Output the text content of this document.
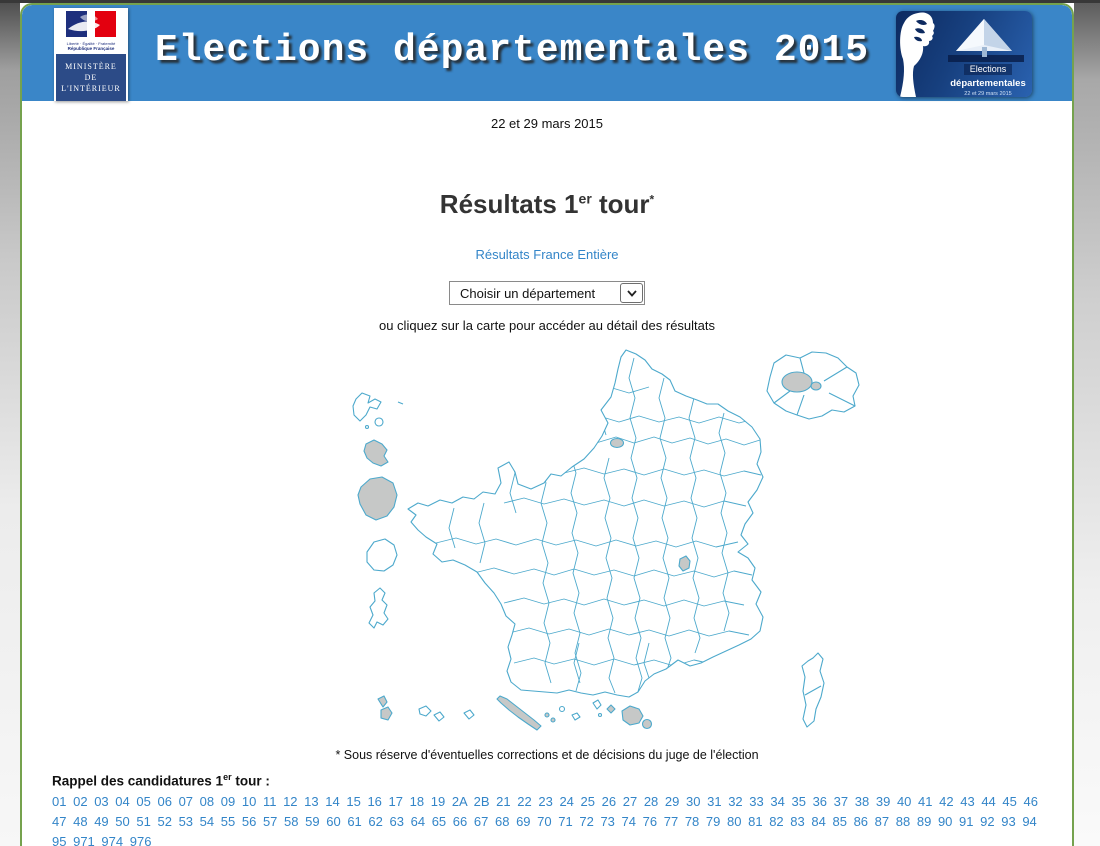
Liberté · Égalité · Fraternité
République Française
MINISTÈRE
DE
L'INTÉRIEUR
Elections départementales 2015	Elections
départementales
22 et 29 mars 2015
22 et 29 mars 2015
Résultats 1er tour*
Résultats France Entière
Choisir un département
ou cliquez sur la carte pour accéder au détail des résultats
* Sous réserve d'éventuelles corrections et de décisions du juge de l'élection
Rappel des candidatures 1er tour :
01 02 03 04 05 06 07 08 09 10 11 12 13 14 15 16 17 18 19 2A 2B 21 22 23 24 25 26 27 28 29 30 31 32 33 34 35 36 37 38 39 40 41 42 43 44 45 46 47 48 49 50 51 52 53 54 55 56 57 58 59 60 61 62 63 64 65 66 67 68 69 70 71 72 73 74 76 77 78 79 80 81 82 83 84 85 86 87 88 89 90 91 92 93 94 95 971 974 976
